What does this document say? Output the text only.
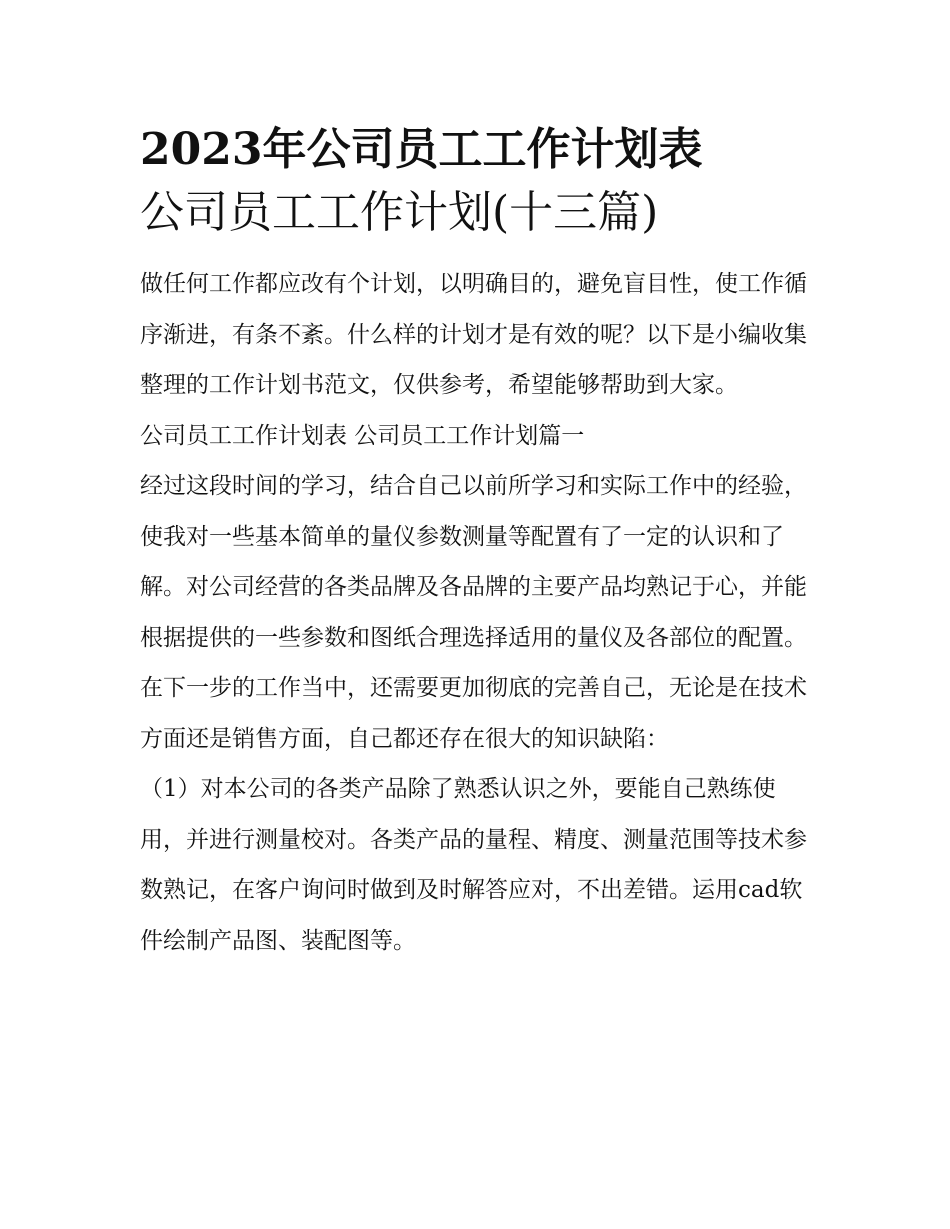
2023年公司员工工作计划表
公司员工工作计划(十三篇)
做任何工作都应改有个计划，以明确目的，避免盲目性，使工作循序渐进，有条不紊。什么样的计划才是有效的呢？以下是小编收集整理的工作计划书范文，仅供参考，希望能够帮助到大家。
公司员工工作计划表 公司员工工作计划篇一
经过这段时间的学习，结合自己以前所学习和实际工作中的经验，使我对一些基本简单的量仪参数测量等配置有了一定的认识和了解。对公司经营的各类品牌及各品牌的主要产品均熟记于心，并能根据提供的一些参数和图纸合理选择适用的量仪及各部位的配置。在下一步的工作当中，还需要更加彻底的完善自己，无论是在技术方面还是销售方面，自己都还存在很大的知识缺陷：
（1）对本公司的各类产品除了熟悉认识之外，要能自己熟练使用，并进行测量校对。各类产品的量程、精度、测量范围等技术参数熟记，在客户询问时做到及时解答应对，不出差错。运用cad软件绘制产品图、装配图等。
